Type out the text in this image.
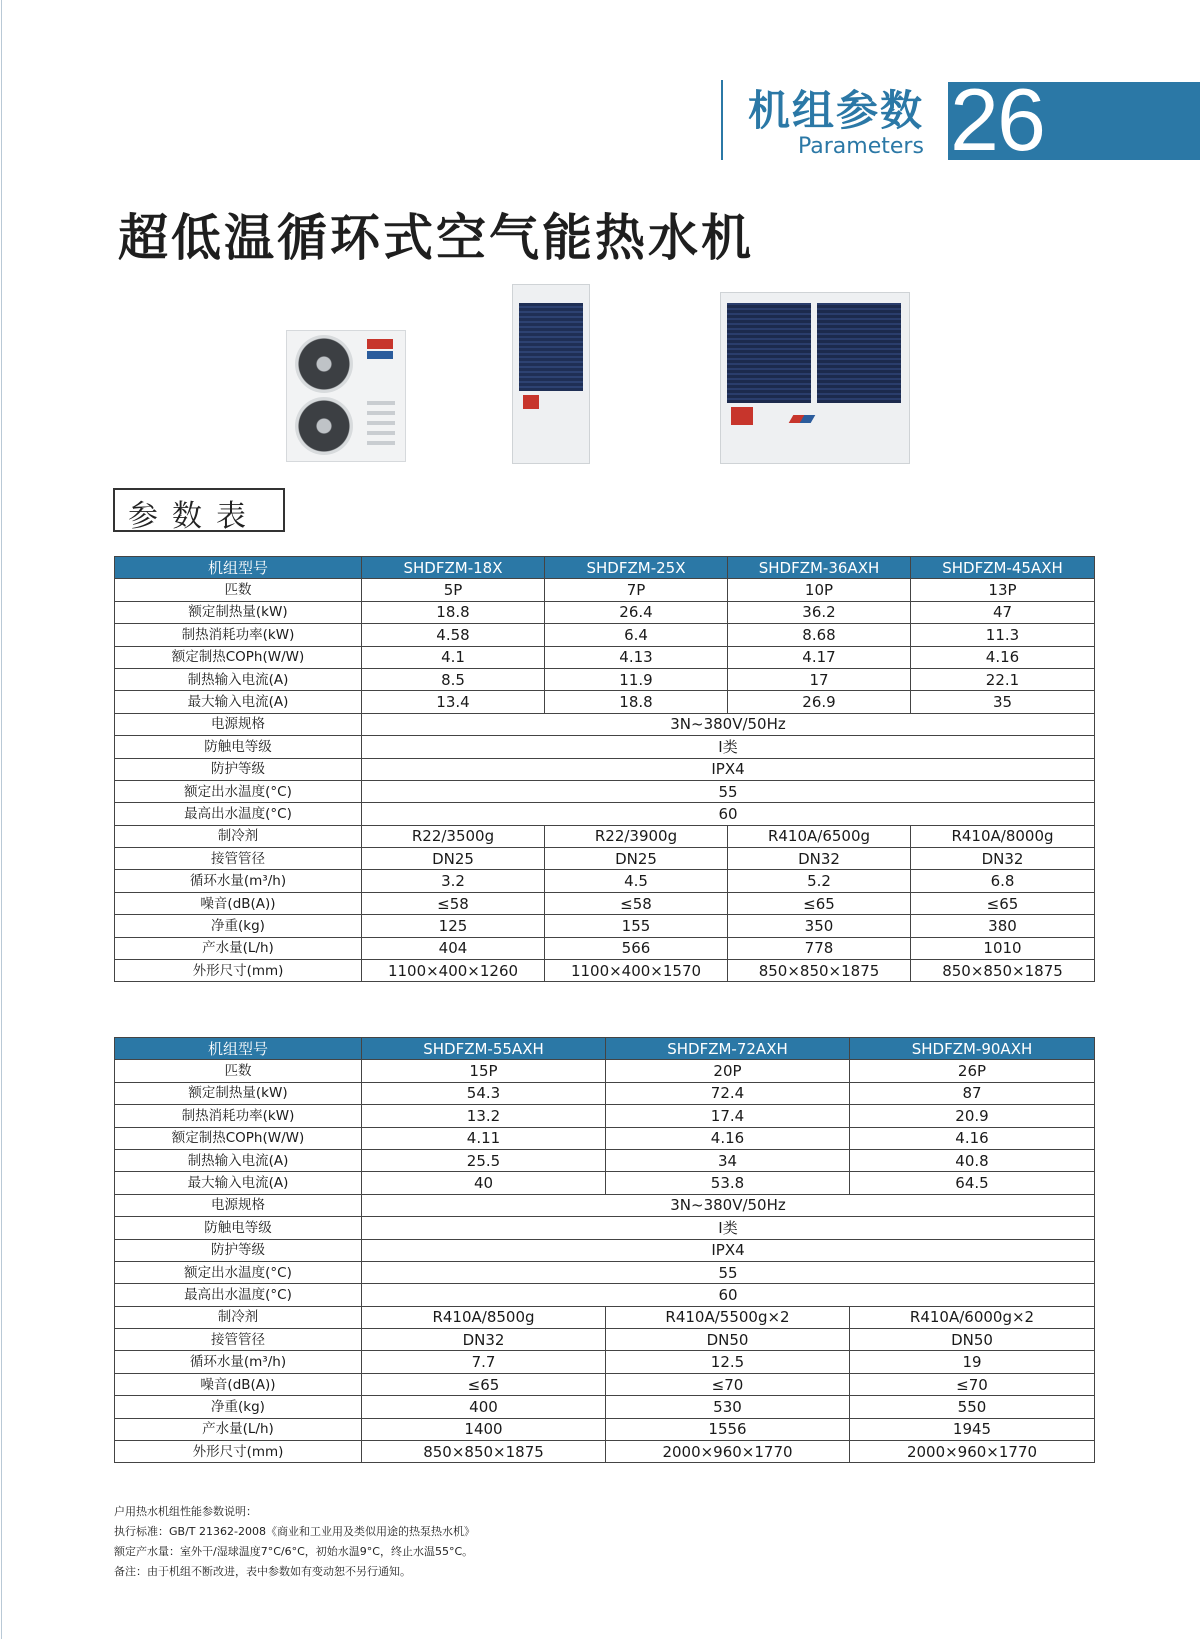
机组参数
Parameters 26
超低温循环式空气能热水机
参数表
机组型号	SHDFZM-18X	SHDFZM-25X	SHDFZM-36AXH	SHDFZM-45AXH
匹数	5P	7P	10P	13P
额定制热量(kW)	18.8	26.4	36.2	47
制热消耗功率(kW)	4.58	6.4	8.68	11.3
额定制热COPh(W/W)	4.1	4.13	4.17	4.16
制热输入电流(A)	8.5	11.9	17	22.1
最大输入电流(A)	13.4	18.8	26.9	35
电源规格	3N~380V/50Hz			
防触电等级	I类			
防护等级	IPX4			
额定出水温度(°C)	55			
最高出水温度(°C)	60			
制冷剂	R22/3500g	R22/3900g	R410A/6500g	R410A/8000g
接管管径	DN25	DN25	DN32	DN32
循环水量(m³/h)	3.2	4.5	5.2	6.8
噪音(dB(A))	≤58	≤58	≤65	≤65
净重(kg)	125	155	350	380
产水量(L/h)	404	566	778	1010
外形尺寸(mm)	1100×400×1260	1100×400×1570	850×850×1875	850×850×1875
机组型号	SHDFZM-55AXH	SHDFZM-72AXH	SHDFZM-90AXH
匹数	15P	20P	26P
额定制热量(kW)	54.3	72.4	87
制热消耗功率(kW)	13.2	17.4	20.9
额定制热COPh(W/W)	4.11	4.16	4.16
制热输入电流(A)	25.5	34	40.8
最大输入电流(A)	40	53.8	64.5
电源规格	3N~380V/50Hz		
防触电等级	I类		
防护等级	IPX4		
额定出水温度(°C)	55		
最高出水温度(°C)	60		
制冷剂	R410A/8500g	R410A/5500g×2	R410A/6000g×2
接管管径	DN32	DN50	DN50
循环水量(m³/h)	7.7	12.5	19
噪音(dB(A))	≤65	≤70	≤70
净重(kg)	400	530	550
产水量(L/h)	1400	1556	1945
外形尺寸(mm)	850×850×1875	2000×960×1770	2000×960×1770
户用热水机组性能参数说明：
执行标准：GB/T 21362-2008《商业和工业用及类似用途的热泵热水机》
额定产水量：室外干/湿球温度7°C/6°C，初始水温9°C，终止水温55°C。
备注：由于机组不断改进，表中参数如有变动恕不另行通知。
